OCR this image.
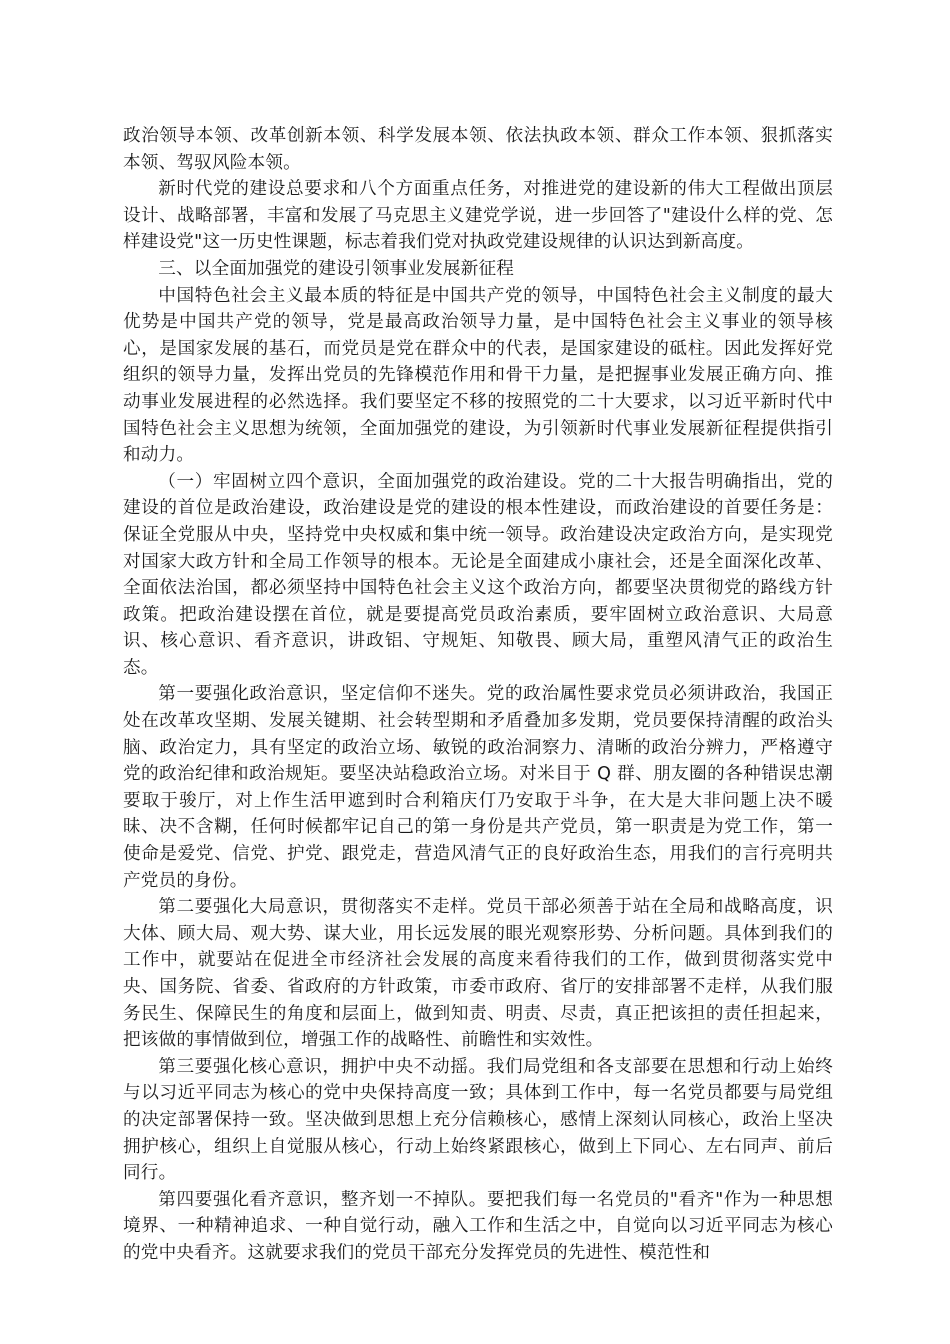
政治领导本领、改革创新本领、科学发展本领、依法执政本领、群众工作本领、狠抓落实本领、驾驭风险本领。

新时代党的建设总要求和八个方面重点任务，对推进党的建设新的伟大工程做出顶层设计、战略部署，丰富和发展了马克思主义建党学说，进一步回答了"建设什么样的党、怎样建设党"这一历史性课题，标志着我们党对执政党建设规律的认识达到新高度。

三、以全面加强党的建设引领事业发展新征程

中国特色社会主义最本质的特征是中国共产党的领导，中国特色社会主义制度的最大优势是中国共产党的领导，党是最高政治领导力量，是中国特色社会主义事业的领导核心，是国家发展的基石，而党员是党在群众中的代表，是国家建设的砥柱。因此发挥好党组织的领导力量，发挥出党员的先锋模范作用和骨干力量，是把握事业发展正确方向、推动事业发展进程的必然选择。我们要坚定不移的按照党的二十大要求，以习近平新时代中国特色社会主义思想为统领，全面加强党的建设，为引领新时代事业发展新征程提供指引和动力。

（一）牢固树立四个意识，全面加强党的政治建设。党的二十大报告明确指出，党的建设的首位是政治建设，政治建设是党的建设的根本性建设，而政治建设的首要任务是：保证全党服从中央，坚持党中央权威和集中统一领导。政治建设决定政治方向，是实现党对国家大政方针和全局工作领导的根本。无论是全面建成小康社会，还是全面深化改革、全面依法治国，都必须坚持中国特色社会主义这个政治方向，都要坚决贯彻党的路线方针政策。把政治建设摆在首位，就是要提高党员政治素质，要牢固树立政治意识、大局意识、核心意识、看齐意识，讲政铝、守规矩、知敬畏、顾大局，重塑风清气正的政治生态。

第一要强化政治意识，坚定信仰不迷失。党的政治属性要求党员必须讲政治，我国正处在改革攻坚期、发展关键期、社会转型期和矛盾叠加多发期，党员要保持清醒的政治头脑、政治定力，具有坚定的政治立场、敏锐的政治洞察力、清晰的政治分辨力，严格遵守党的政治纪律和政治规矩。要坚决站稳政治立场。对米目于 Q 群、朋友圈的各种错误忠潮要取于骏厅，对上作生活甲遮到时合利箱庆仃乃安取于斗争，在大是大非问题上决不暖昧、决不含糊，任何时候都牢记自己的第一身份是共产党员，第一职责是为党工作，第一使命是爱党、信党、护党、跟党走，营造风清气正的良好政治生态，用我们的言行亮明共产党员的身份。

第二要强化大局意识，贯彻落实不走样。党员干部必须善于站在全局和战略高度，识大体、顾大局、观大势、谋大业，用长远发展的眼光观察形势、分析问题。具体到我们的工作中，就要站在促进全市经济社会发展的高度来看待我们的工作，做到贯彻落实党中央、国务院、省委、省政府的方针政策，市委市政府、省厅的安排部署不走样，从我们服务民生、保障民生的角度和层面上，做到知责、明责、尽责，真正把该担的责任担起来，把该做的事情做到位，增强工作的战略性、前瞻性和实效性。

第三要强化核心意识，拥护中央不动摇。我们局党组和各支部要在思想和行动上始终与以习近平同志为核心的党中央保持高度一致；具体到工作中，每一名党员都要与局党组的决定部署保持一致。坚决做到思想上充分信赖核心，感情上深刻认同核心，政治上坚决拥护核心，组织上自觉服从核心，行动上始终紧跟核心，做到上下同心、左右同声、前后同行。

第四要强化看齐意识，整齐划一不掉队。要把我们每一名党员的"看齐"作为一种思想境界、一种精神追求、一种自觉行动，融入工作和生活之中，自觉向以习近平同志为核心的党中央看齐。这就要求我们的党员干部充分发挥党员的先进性、模范性和
